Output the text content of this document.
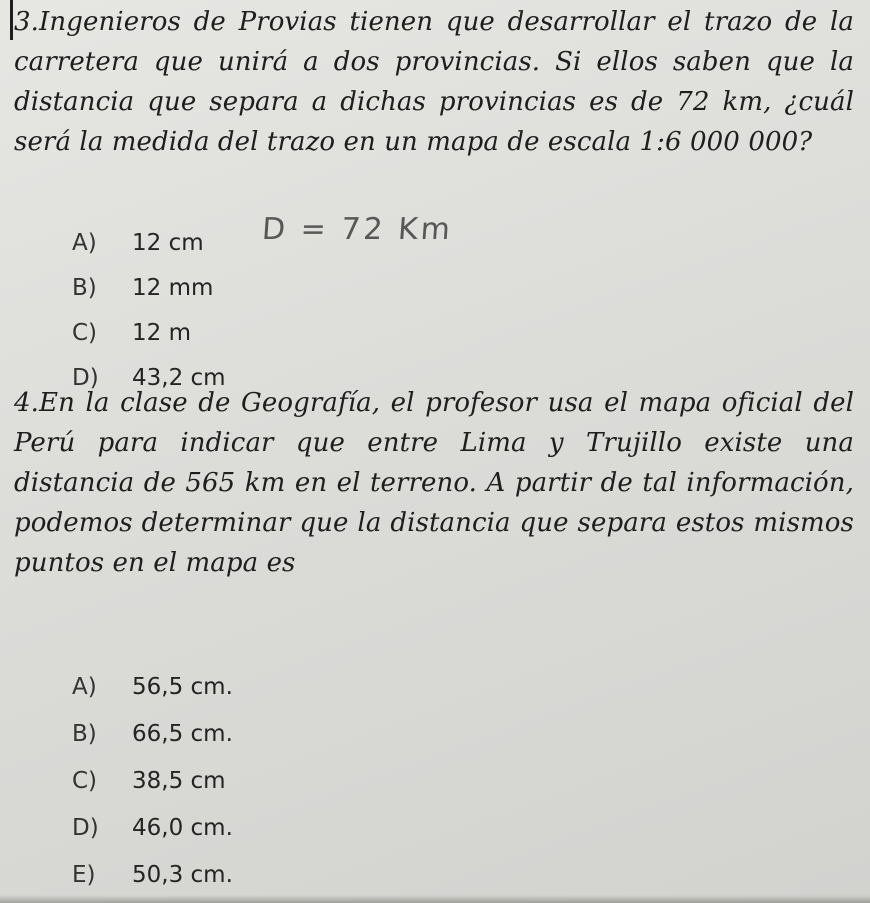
3.Ingenieros de Provias tienen que desarrollar el trazo de la carretera que unirá a dos provincias. Si ellos saben que la distancia que separa a dichas provincias es de 72 km, ¿cuál será la medida del trazo en un mapa de escala 1:6 000 000?
A)	12 cm
B)	12 mm
C)	12 m
D)	43,2 cm
D = 72 Km
4.En la clase de Geografía, el profesor usa el mapa oficial del Perú para indicar que entre Lima y Trujillo existe una distancia de 565 km en el terreno. A partir de tal información, podemos determinar que la distancia que separa estos mismos puntos en el mapa es
A)	56,5 cm.
B)	66,5 cm.
C)	38,5 cm
D)	46,0 cm.
E)	50,3 cm.
